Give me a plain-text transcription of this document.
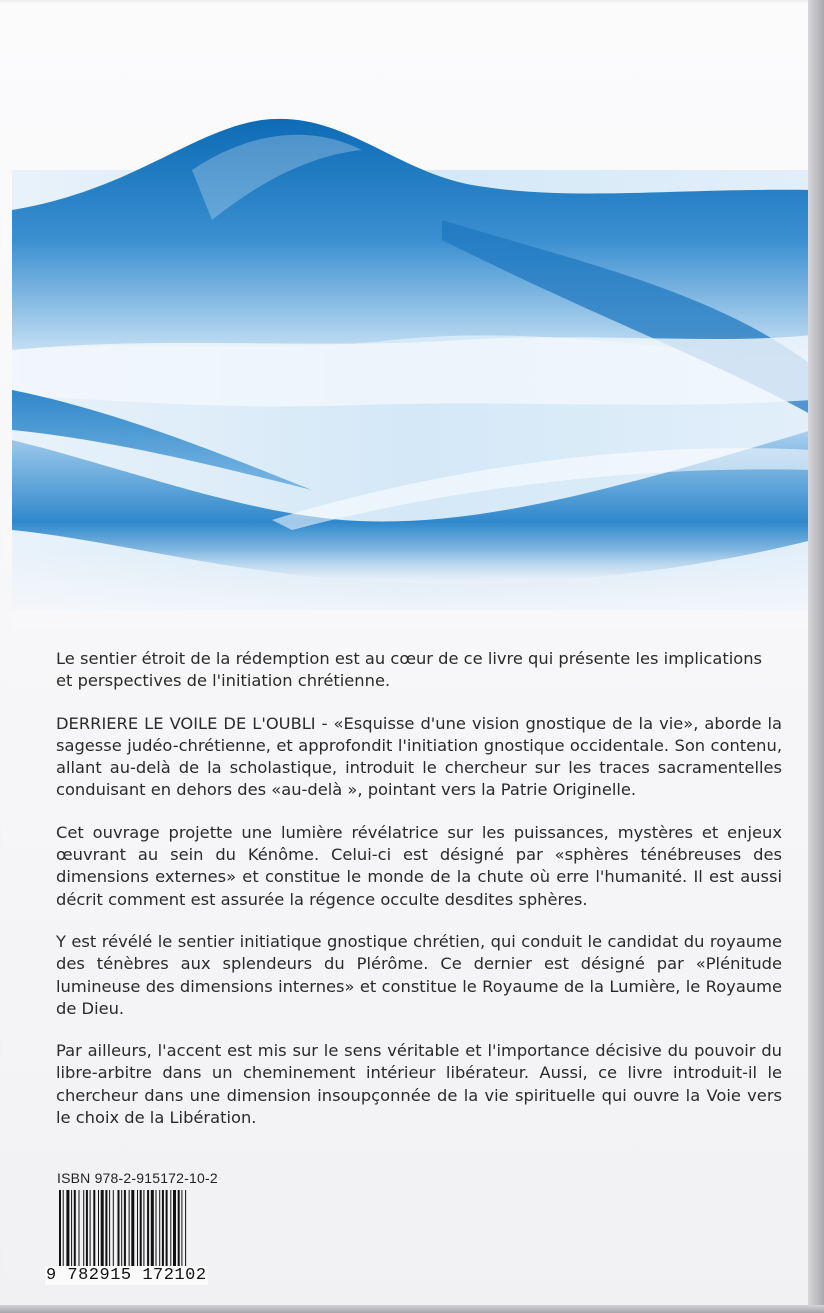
Le sentier étroit de la rédemption est au cœur de ce livre qui présente les implications et perspectives de l'initiation chrétienne.

DERRIERE LE VOILE DE L'OUBLI - «Esquisse d'une vision gnostique de la vie», aborde la sagesse judéo-chrétienne, et approfondit l'initiation gnostique occidentale. Son contenu, allant au-delà de la scholastique, introduit le chercheur sur les traces sacramentelles conduisant en dehors des «au-delà », pointant vers la Patrie Originelle.

Cet ouvrage projette une lumière révélatrice sur les puissances, mystères et enjeux œuvrant au sein du Kénôme. Celui-ci est désigné par «sphères ténébreuses des dimensions externes» et constitue le monde de la chute où erre l'humanité. Il est aussi décrit comment est assurée la régence occulte desdites sphères.

Y est révélé le sentier initiatique gnostique chrétien, qui conduit le candidat du royaume des ténèbres aux splendeurs du Plérôme. Ce dernier est désigné par «Plénitude lumineuse des dimensions internes» et constitue le Royaume de la Lumière, le Royaume de Dieu.

Par ailleurs, l'accent est mis sur le sens véritable et l'importance décisive du pouvoir du libre-arbitre dans un cheminement intérieur libérateur. Aussi, ce livre introduit-il le chercheur dans une dimension insoupçonnée de la vie spirituelle qui ouvre la Voie vers le choix de la Libération.

ISBN 978-2-915172-10-2
9 782915 172102
